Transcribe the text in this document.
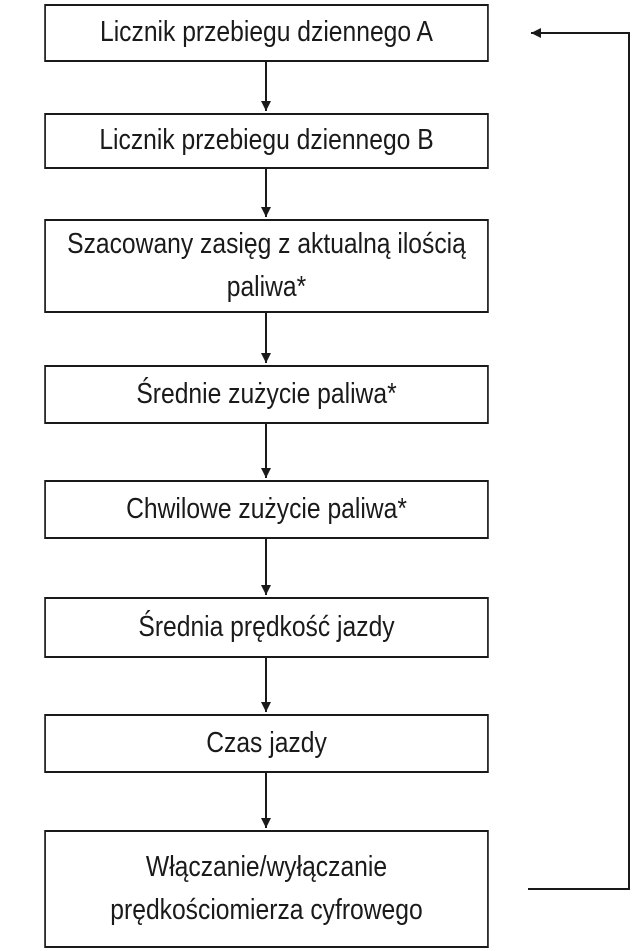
Licznik przebiegu dziennego A
Licznik przebiegu dziennego B
Szacowany zasięg z aktualną ilością paliwa*
Średnie zużycie paliwa*
Chwilowe zużycie paliwa*
Średnia prędkość jazdy
Czas jazdy
Włączanie/wyłączanie prędkościomierza cyfrowego
